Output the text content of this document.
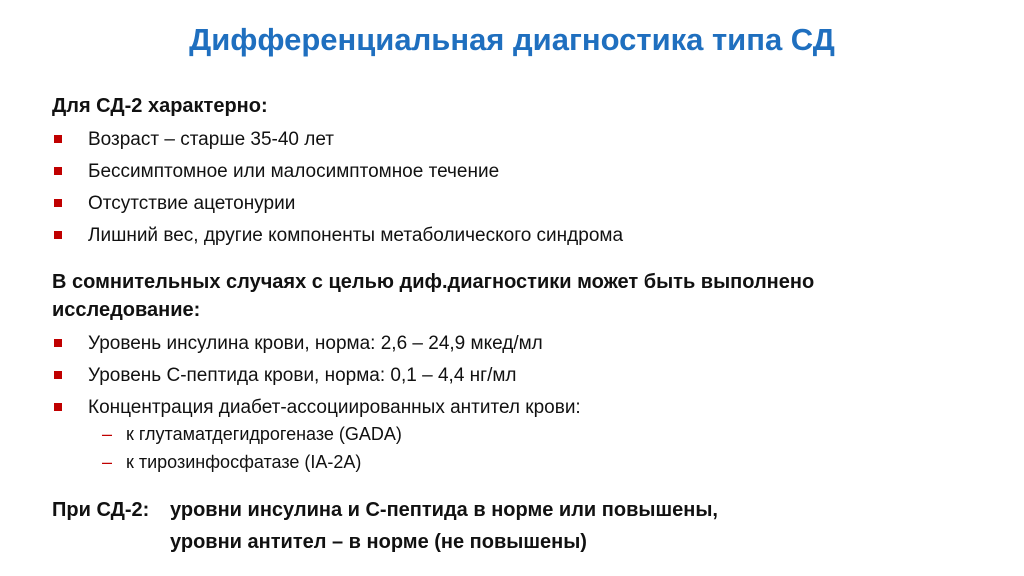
Дифференциальная диагностика типа СД
Для СД-2 характерно:
Возраст – старше 35-40 лет
Бессимптомное или малосимптомное течение
Отсутствие ацетонурии
Лишний вес, другие компоненты метаболического синдрома
В сомнительных случаях с целью диф.диагностики может быть выполнено
исследование:
Уровень инсулина крови, норма: 2,6 – 24,9 мкед/мл
Уровень С-пептида крови, норма: 0,1 – 4,4 нг/мл
Концентрация диабет-ассоциированных антител крови:
– к глутаматдегидрогеназе (GADA)
– к тирозинфосфатазе (IA-2A)
При СД-2: уровни инсулина и С-пептида в норме или повышены,
уровни антител – в норме (не повышены)
